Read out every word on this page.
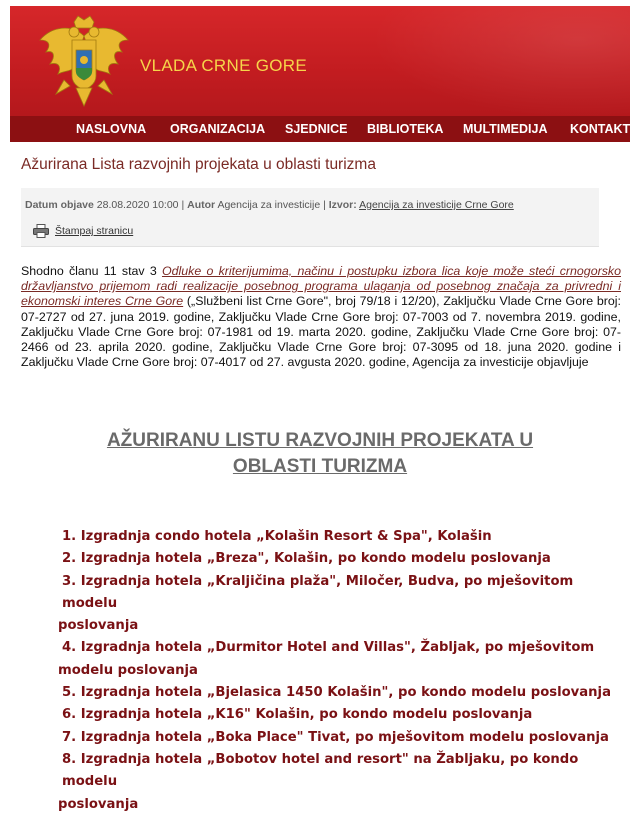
VLADA CRNE GORE
NASLOVNA ORGANIZACIJA SJEDNICE BIBLIOTEKA MULTIMEDIJA KONTAKT
Ažurirana Lista razvojnih projekata u oblasti turizma
Datum objave 28.08.2020 10:00 | Autor Agencija za investicije | Izvor: Agencija za investicije Crne Gore
Štampaj stranicu
Shodno članu 11 stav 3 Odluke o kriterijumima, načinu i postupku izbora lica koje može steći crnogorsko državljanstvo prijemom radi realizacije posebnog programa ulaganja od posebnog značaja za privredni i ekonomski interes Crne Gore („Službeni list Crne Gore", broj 79/18 i 12/20), Zaključku Vlade Crne Gore broj: 07-2727 od 27. juna 2019. godine, Zaključku Vlade Crne Gore broj: 07-7003 od 7. novembra 2019. godine, Zaključku Vlade Crne Gore broj: 07-1981 od 19. marta 2020. godine, Zaključku Vlade Crne Gore broj: 07-2466 od 23. aprila 2020. godine, Zaključku Vlade Crne Gore broj: 07-3095 od 18. juna 2020. godine i Zaključku Vlade Crne Gore broj: 07-4017 od 27. avgusta 2020. godine, Agencija za investicije objavljuje
AŽURIRANU LISTU RAZVOJNIH PROJEKATA U
OBLASTI TURIZMA
1. Izgradnja condo hotela „Kolašin Resort & Spa", Kolašin
2. Izgradnja hotela „Breza", Kolašin, po kondo modelu poslovanja
3. Izgradnja hotela „Kraljičina plaža", Miločer, Budva, po mješovitom modelu
poslovanja
4. Izgradnja hotela „Durmitor Hotel and Villas", Žabljak, po mješovitom
modelu poslovanja
5. Izgradnja hotela „Bjelasica 1450 Kolašin", po kondo modelu poslovanja
6. Izgradnja hotela „K16" Kolašin, po kondo modelu poslovanja
7. Izgradnja hotela „Boka Place" Tivat, po mješovitom modelu poslovanja
8. Izgradnja hotela „Bobotov hotel and resort" na Žabljaku, po kondo modelu
poslovanja
